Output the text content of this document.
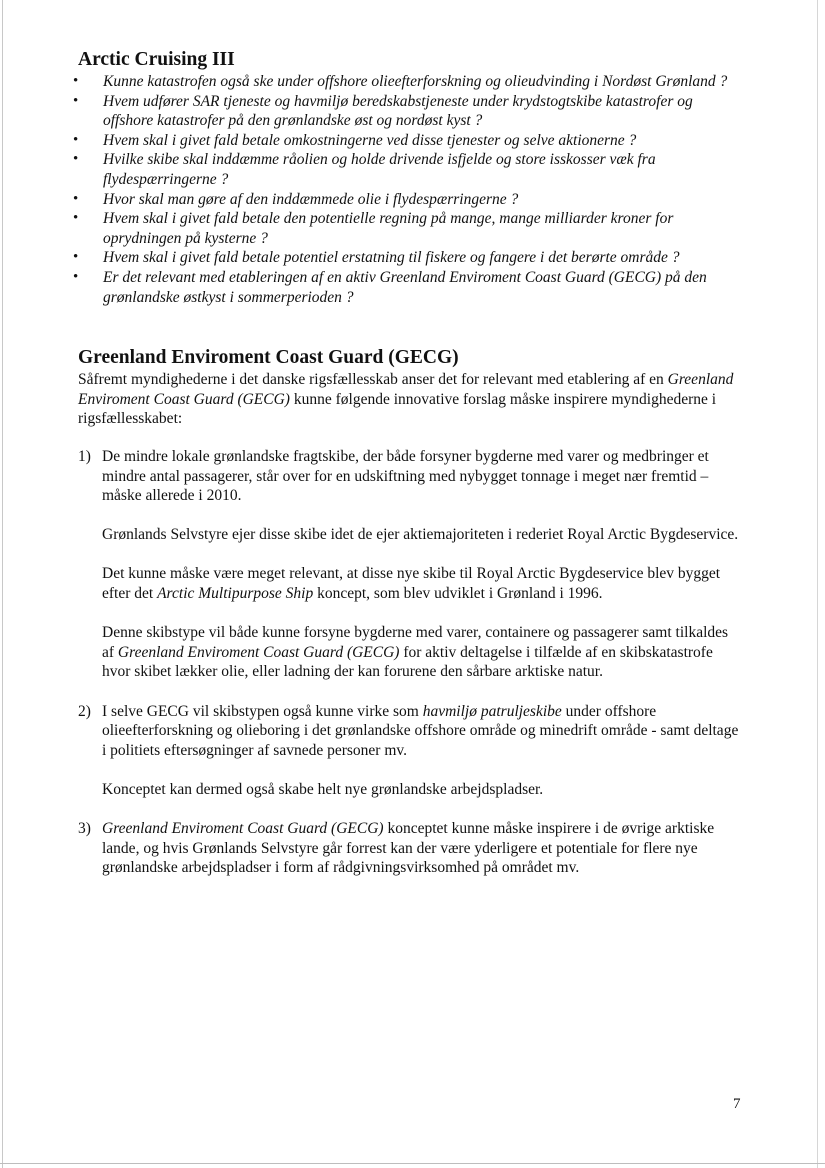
Arctic Cruising III
• Kunne katastrofen også ske under offshore olieefterforskning og olieudvinding i Nordøst Grønland ?
• Hvem udfører SAR tjeneste og havmiljø beredskabstjeneste under krydstogtskibe katastrofer og offshore katastrofer på den grønlandske øst og nordøst kyst ?
• Hvem skal i givet fald betale omkostningerne ved disse tjenester og selve aktionerne ?
• Hvilke skibe skal inddæmme råolien og holde drivende isfjelde og store isskosser væk fra flydespærringerne ?
• Hvor skal man gøre af den inddæmmede olie i flydespærringerne ?
• Hvem skal i givet fald betale den potentielle regning på mange, mange milliarder kroner for oprydningen på kysterne ?
• Hvem skal i givet fald betale potentiel erstatning til fiskere og fangere i det berørte område ?
• Er det relevant med etableringen af en aktiv Greenland Enviroment Coast Guard (GECG) på den grønlandske østkyst i sommerperioden ?
Greenland Enviroment Coast Guard (GECG)

Såfremt myndighederne i det danske rigsfællesskab anser det for relevant med etablering af en Greenland Enviroment Coast Guard (GECG) kunne følgende innovative forslag måske inspirere myndighederne i rigsfællesskabet:

1) De mindre lokale grønlandske fragtskibe, der både forsyner bygderne med varer og medbringer et mindre antal passagerer, står over for en udskiftning med nybygget tonnage i meget nær fremtid – måske allerede i 2010.

Grønlands Selvstyre ejer disse skibe idet de ejer aktiemajoriteten i rederiet Royal Arctic Bygdeservice.

Det kunne måske være meget relevant, at disse nye skibe til Royal Arctic Bygdeservice blev bygget efter det Arctic Multipurpose Ship koncept, som blev udviklet i Grønland i 1996.

Denne skibstype vil både kunne forsyne bygderne med varer, containere og passagerer samt tilkaldes af Greenland Enviroment Coast Guard (GECG) for aktiv deltagelse i tilfælde af en skibskatastrofe hvor skibet lækker olie, eller ladning der kan forurene den sårbare arktiske natur.

2) I selve GECG vil skibstypen også kunne virke som havmiljø patruljeskibe under offshore olieefterforskning og olieboring i det grønlandske offshore område og minedrift område - samt deltage i politiets eftersøgninger af savnede personer mv.

Konceptet kan dermed også skabe helt nye grønlandske arbejdspladser.

3) Greenland Enviroment Coast Guard (GECG) konceptet kunne måske inspirere i de øvrige arktiske lande, og hvis Grønlands Selvstyre går forrest kan der være yderligere et potentiale for flere nye grønlandske arbejdspladser i form af rådgivningsvirksomhed på området mv.

7
